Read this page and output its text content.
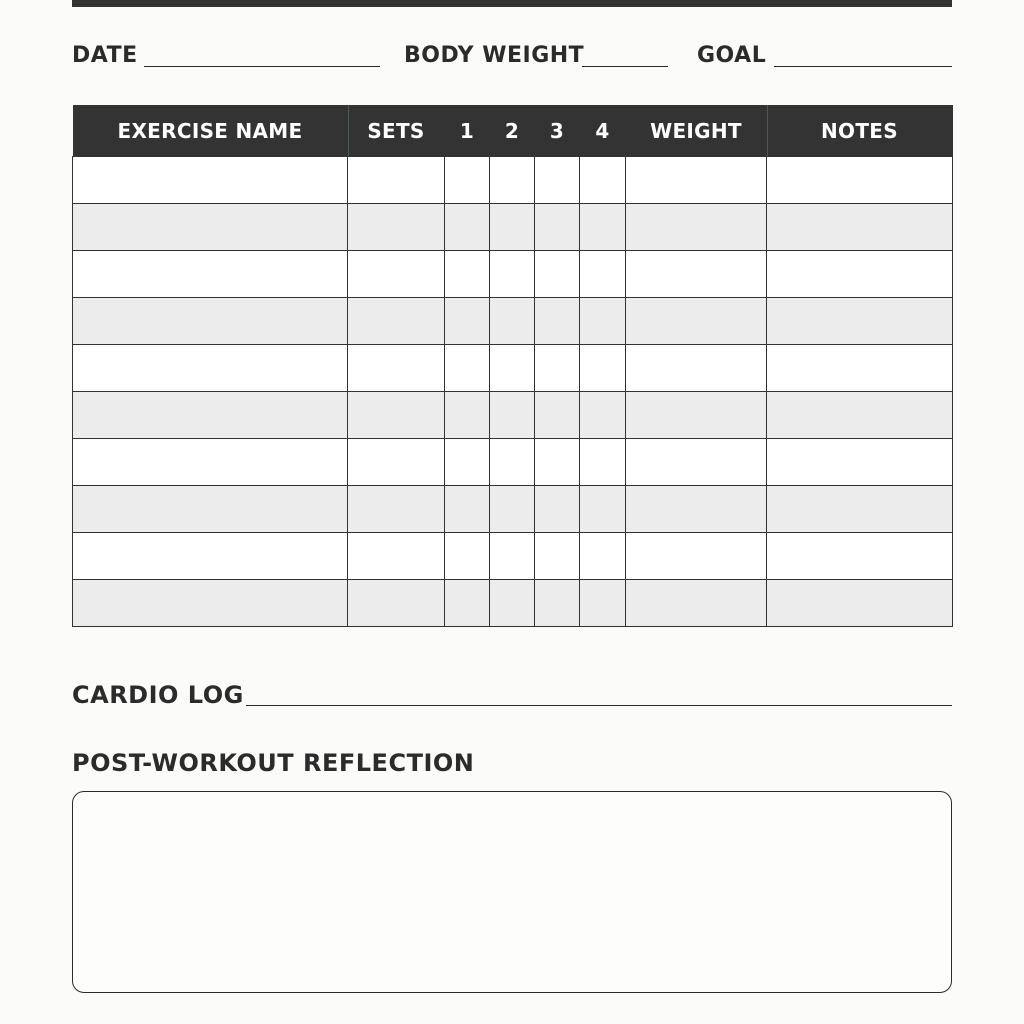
DATE	BODY WEIGHT	GOAL
EXERCISE NAME	SETS	1	2	3	4	WEIGHT	NOTES

CARDIO LOG
POST-WORKOUT REFLECTION
